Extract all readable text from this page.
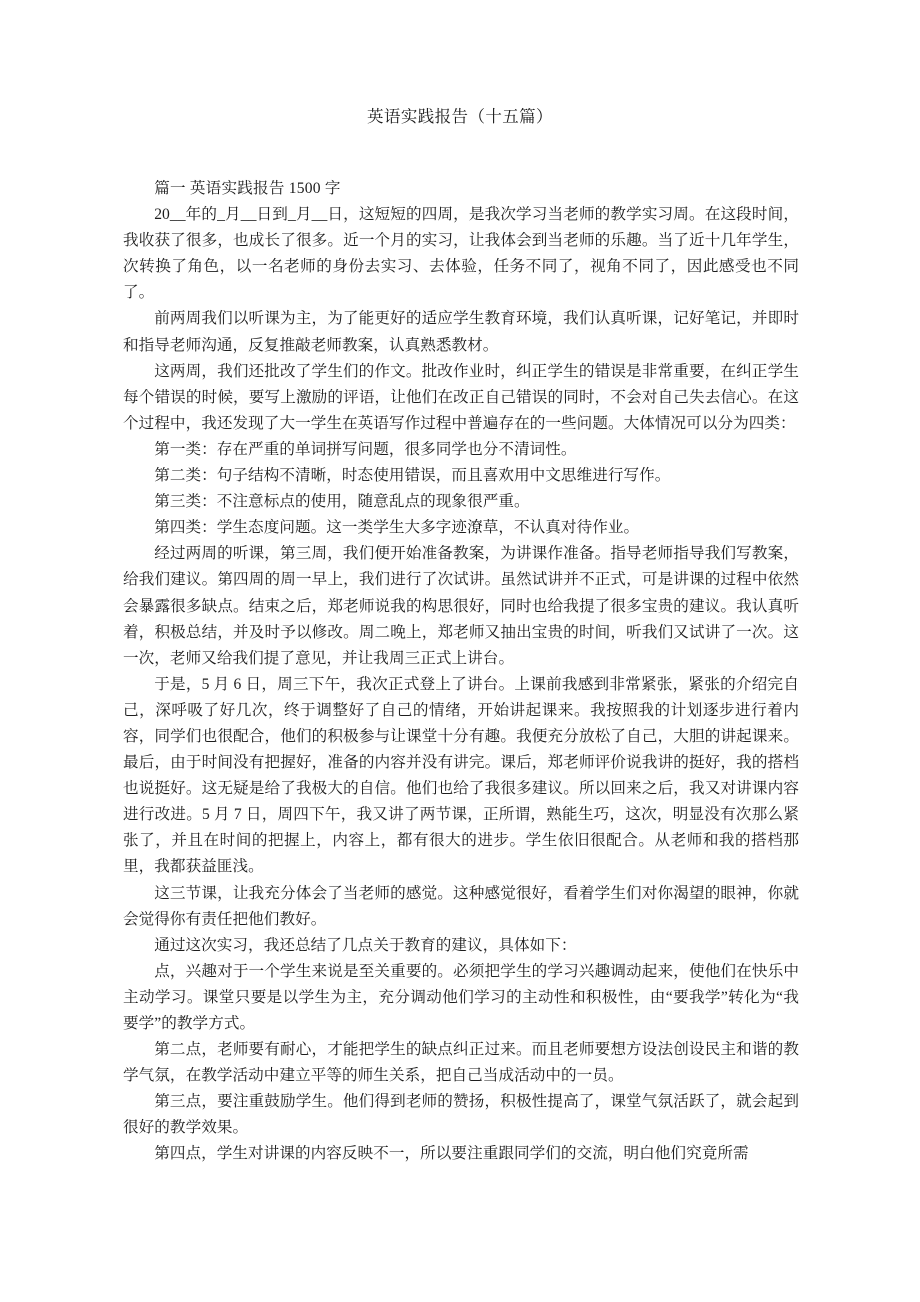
英语实践报告（十五篇）

篇一 英语实践报告 1500 字

20__年的_月__日到_月__日，这短短的四周，是我次学习当老师的教学实习周。在这段时间，我收获了很多，也成长了很多。近一个月的实习，让我体会到当老师的乐趣。当了近十几年学生，次转换了角色，以一名老师的身份去实习、去体验，任务不同了，视角不同了，因此感受也不同了。

前两周我们以听课为主，为了能更好的适应学生教育环境，我们认真听课，记好笔记，并即时和指导老师沟通，反复推敲老师教案，认真熟悉教材。

这两周，我们还批改了学生们的作文。批改作业时，纠正学生的错误是非常重要，在纠正学生每个错误的时候，要写上激励的评语，让他们在改正自己错误的同时，不会对自己失去信心。在这个过程中，我还发现了大一学生在英语写作过程中普遍存在的一些问题。大体情况可以分为四类：

第一类：存在严重的单词拼写问题，很多同学也分不清词性。

第二类：句子结构不清晰，时态使用错误，而且喜欢用中文思维进行写作。

第三类：不注意标点的使用，随意乱点的现象很严重。

第四类：学生态度问题。这一类学生大多字迹潦草，不认真对待作业。

经过两周的听课，第三周，我们便开始准备教案，为讲课作准备。指导老师指导我们写教案，给我们建议。第四周的周一早上，我们进行了次试讲。虽然试讲并不正式，可是讲课的过程中依然会暴露很多缺点。结束之后，郑老师说我的构思很好，同时也给我提了很多宝贵的建议。我认真听着，积极总结，并及时予以修改。周二晚上，郑老师又抽出宝贵的时间，听我们又试讲了一次。这一次，老师又给我们提了意见，并让我周三正式上讲台。

于是，5 月 6 日，周三下午，我次正式登上了讲台。上课前我感到非常紧张，紧张的介绍完自己，深呼吸了好几次，终于调整好了自己的情绪，开始讲起课来。我按照我的计划逐步进行着内容，同学们也很配合，他们的积极参与让课堂十分有趣。我便充分放松了自己，大胆的讲起课来。最后，由于时间没有把握好，准备的内容并没有讲完。课后，郑老师评价说我讲的挺好，我的搭档也说挺好。这无疑是给了我极大的自信。他们也给了我很多建议。所以回来之后，我又对讲课内容进行改进。5 月 7 日，周四下午，我又讲了两节课，正所谓，熟能生巧，这次，明显没有次那么紧张了，并且在时间的把握上，内容上，都有很大的进步。学生依旧很配合。从老师和我的搭档那里，我都获益匪浅。

这三节课，让我充分体会了当老师的感觉。这种感觉很好，看着学生们对你渴望的眼神，你就会觉得你有责任把他们教好。

通过这次实习，我还总结了几点关于教育的建议，具体如下：

点，兴趣对于一个学生来说是至关重要的。必须把学生的学习兴趣调动起来，使他们在快乐中主动学习。课堂只要是以学生为主，充分调动他们学习的主动性和积极性，由“要我学”转化为“我要学”的教学方式。

第二点，老师要有耐心，才能把学生的缺点纠正过来。而且老师要想方设法创设民主和谐的教学气氛，在教学活动中建立平等的师生关系，把自己当成活动中的一员。

第三点，要注重鼓励学生。他们得到老师的赞扬，积极性提高了，课堂气氛活跃了，就会起到很好的教学效果。

第四点，学生对讲课的内容反映不一，所以要注重跟同学们的交流，明白他们究竟所需
